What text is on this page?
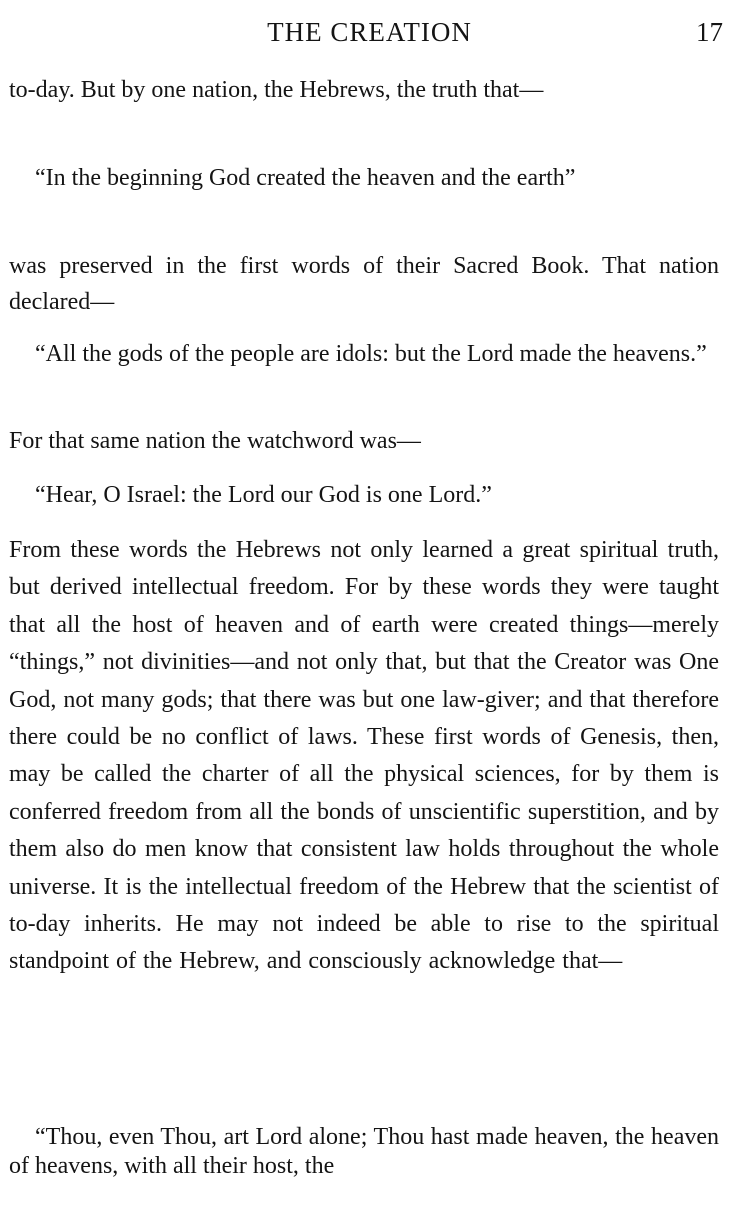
THE CREATION	17

to-day. But by one nation, the Hebrews, the truth that—

“In the beginning God created the heaven and the earth”

was preserved in the first words of their Sacred Book. That nation declared—

“All the gods of the people are idols: but the Lord made the heavens.”

For that same nation the watchword was—

“Hear, O Israel: the Lord our God is one Lord.”

From these words the Hebrews not only learned a great spiritual truth, but derived intellectual freedom. For by these words they were taught that all the host of heaven and of earth were created things—merely “things,” not divinities—and not only that, but that the Creator was One God, not many gods; that there was but one law-giver; and that therefore there could be no conflict of laws. These first words of Genesis, then, may be called the charter of all the physical sciences, for by them is conferred freedom from all the bonds of unscientific superstition, and by them also do men know that consistent law holds throughout the whole universe. It is the intellectual freedom of the Hebrew that the scientist of to-day inherits. He may not indeed be able to rise to the spiritual standpoint of the Hebrew, and consciously acknowledge that—

“Thou, even Thou, art Lord alone; Thou hast made heaven, the heaven of heavens, with all their host, the
